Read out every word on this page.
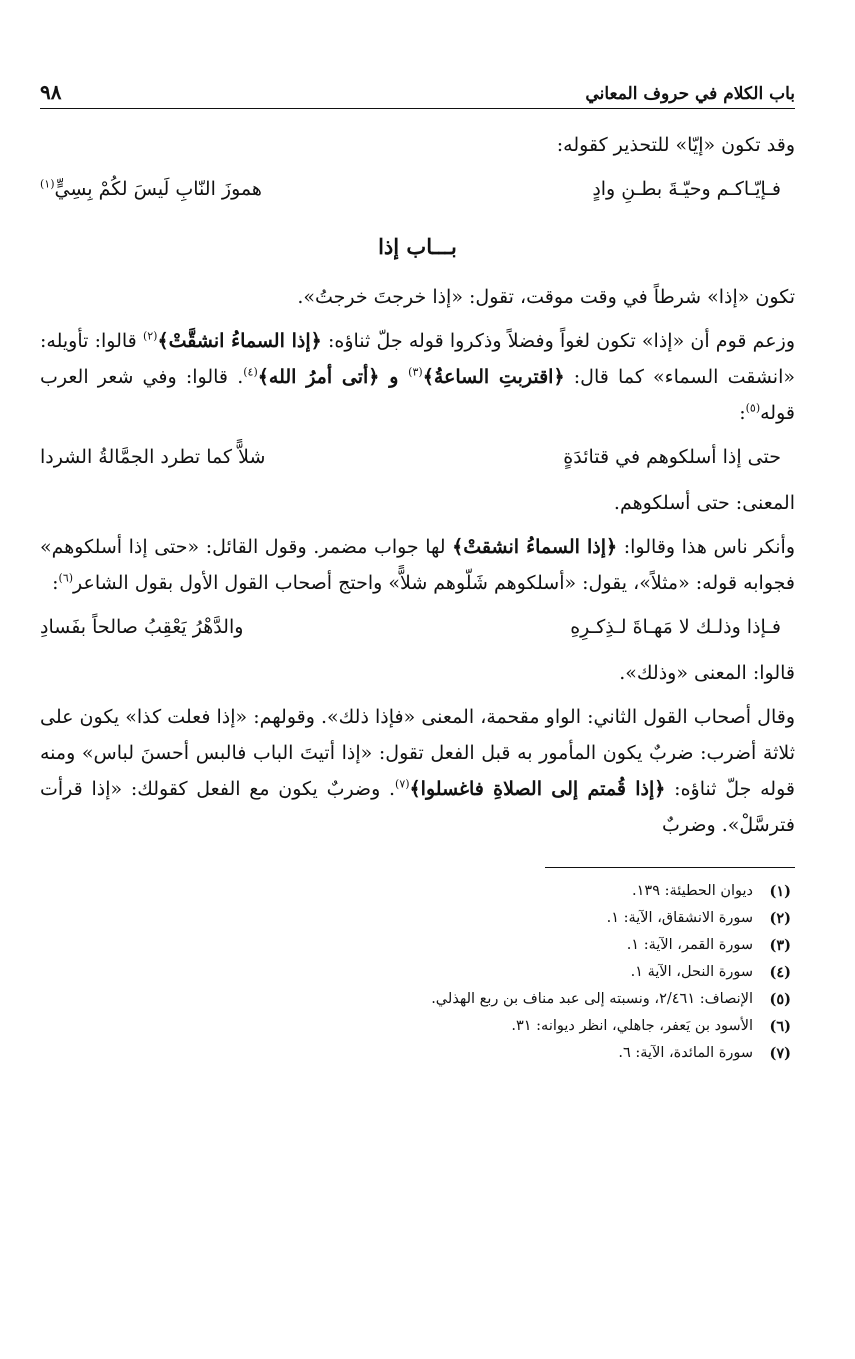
باب الكلام في حروف المعاني
٩٨

وقد تكون «إيّا» للتحذير كقوله:

فـإيّـاكـم وحيّـةَ بطـنِ وادٍ
هموزَ النّابِ لَيسَ لكُمْ بِسِيٍّ$^{(١)}$
بـــاب إذا

تكون «إذا» شرطاً في وقت موقت، تقول: «إذا خرجتَ خرجتُ».

وزعم قوم أن «إذا» تكون لغواً وفضلاً وذكروا قوله جلّ ثناؤه: ﴿إذا السماءُ انشقَّتْ﴾$^{(٢)}$ قالوا: تأويله: «انشقت السماء» كما قال: ﴿اقتربتِ الساعةُ﴾$^{(٣)}$ و ﴿أتى أمرُ الله﴾$^{(٤)}$. قالوا: وفي شعر العرب قوله$^{(٥)}$:

حتى إذا أسلكوهم في قتائدَةٍ
شلاًّ كما تطرد الجمَّالةُ الشردا

المعنى: حتى أسلكوهم.

وأنكر ناس هذا وقالوا: ﴿إذا السماءُ انشقتْ﴾ لها جواب مضمر. وقول القائل: «حتى إذا أسلكوهم» فجوابه قوله: «مثلاً»، يقول: «أسلكوهم شَلّوهم شلاًّ» واحتج أصحاب القول الأول بقول الشاعر$^{(٦)}$:

فـإذا وذلـك لا مَهـاةَ لـذِكـرِهِ
والدَّهْرُ يَعْقِبُ صالحاً بفَسادِ

قالوا: المعنى «وذلك».

وقال أصحاب القول الثاني: الواو مقحمة، المعنى «فإذا ذلك». وقولهم: «إذا فعلت كذا» يكون على ثلاثة أضرب: ضربٌ يكون المأمور به قبل الفعل تقول: «إذا أتيتَ الباب فالبس أحسنَ لباس» ومنه قوله جلّ ثناؤه: ﴿إذا قُمتم إلى الصلاةِ فاغسلوا﴾$^{(٧)}$. وضربٌ يكون مع الفعل كقولك: «إذا قرأت فترسَّلْ». وضربٌ

(١)
ديوان الحطيئة: ١٣٩.
(٢)
سورة الانشقاق، الآية: ١.
(٣)
سورة القمر، الآية: ١.
(٤)
سورة النحل، الآية ١.
(٥)
الإنصاف: ٢/٤٦١، ونسبته إلى عبد مناف بن ربع الهذلي.
(٦)
الأسود بن يَعفر، جاهلي، انظر ديوانه: ٣١.
(٧)
سورة المائدة، الآية: ٦.
